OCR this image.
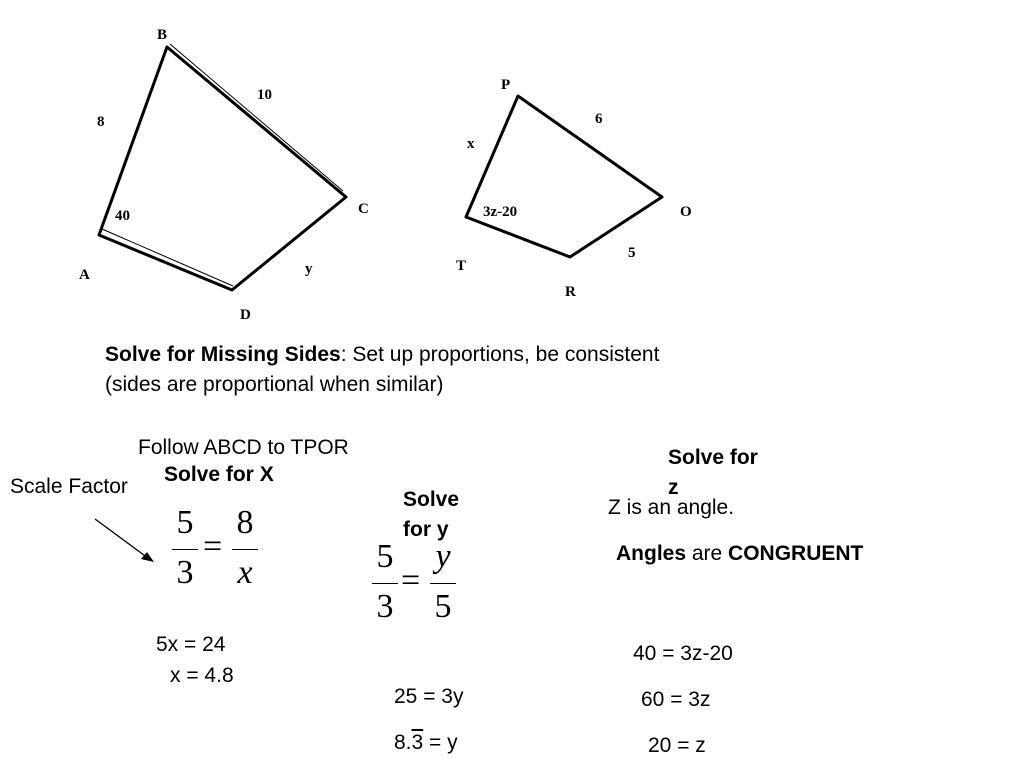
B
C
D
A
8
10
y
40
P
O
R
T
x
6
5
3z-20
Solve for Missing Sides: Set up proportions, be consistent
(sides are proportional when similar)
Follow ABCD to TPOR
Scale Factor
Solve for X
5
3
=
8
x
5x = 24
x = 4.8
Solve
for y
5
3
=
y
5
25 = 3y
8.3 = y
Solve for
z
Z is an angle.
Angles are CONGRUENT
40 = 3z-20
60 = 3z
20 = z
